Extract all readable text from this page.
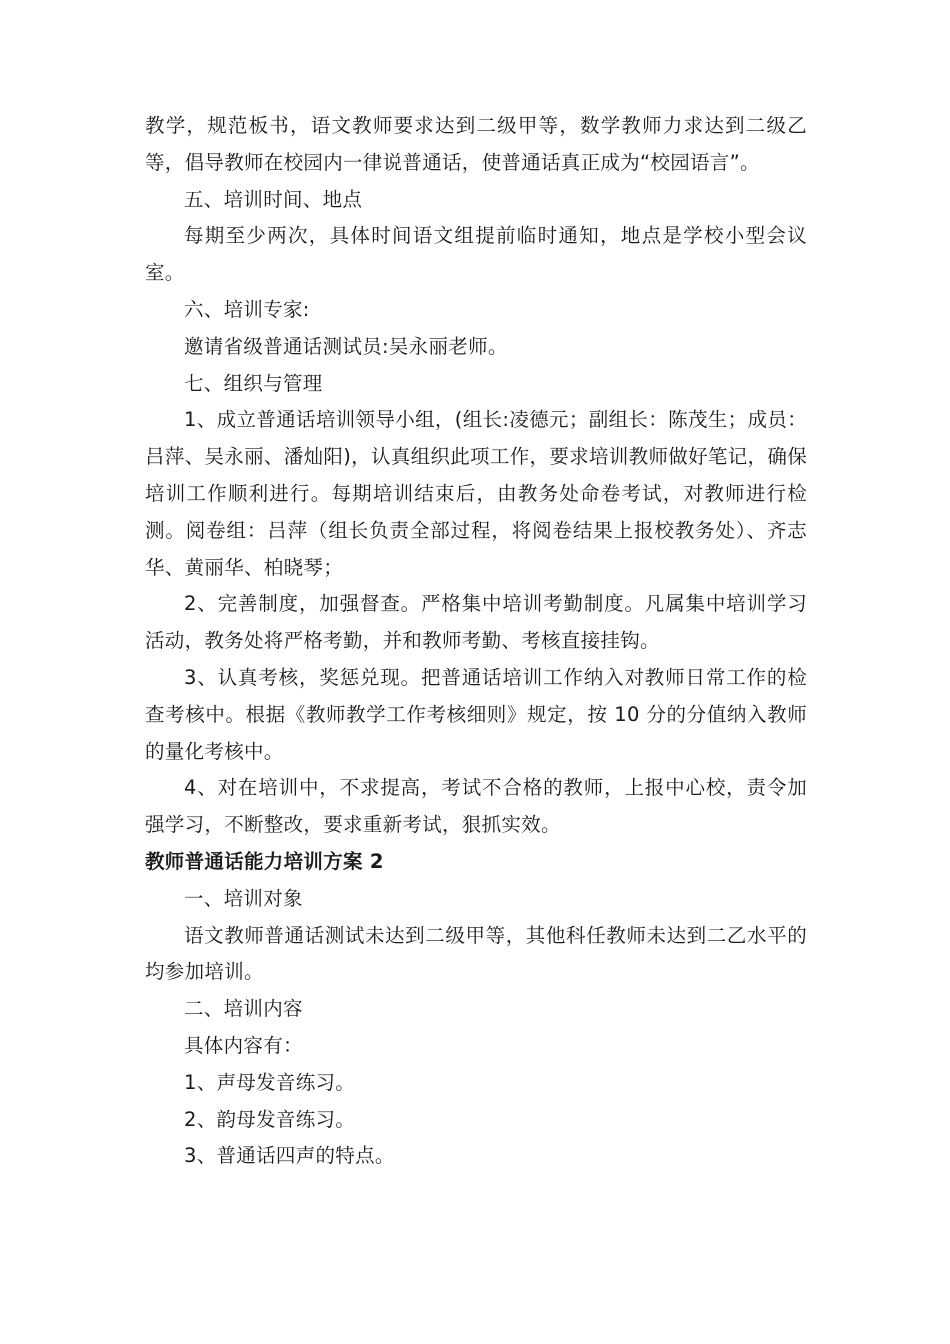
教学，规范板书，语文教师要求达到二级甲等，数学教师力求达到二级乙等，倡导教师在校园内一律说普通话，使普通话真正成为“校园语言”。

五、培训时间、地点

每期至少两次，具体时间语文组提前临时通知，地点是学校小型会议室。

六、培训专家:

邀请省级普通话测试员:吴永丽老师。

七、组织与管理

1、成立普通话培训领导小组，(组长:凌德元；副组长：陈茂生；成员：吕萍、吴永丽、潘灿阳)，认真组织此项工作，要求培训教师做好笔记，确保培训工作顺利进行。每期培训结束后，由教务处命卷考试，对教师进行检测。阅卷组：吕萍（组长负责全部过程，将阅卷结果上报校教务处）、齐志华、黄丽华、柏晓琴；

2、完善制度，加强督查。严格集中培训考勤制度。凡属集中培训学习活动，教务处将严格考勤，并和教师考勤、考核直接挂钩。

3、认真考核，奖惩兑现。把普通话培训工作纳入对教师日常工作的检查考核中。根据《教师教学工作考核细则》规定，按 10 分的分值纳入教师的量化考核中。

4、对在培训中，不求提高，考试不合格的教师，上报中心校，责令加强学习，不断整改，要求重新考试，狠抓实效。

教师普通话能力培训方案 2

一、培训对象

语文教师普通话测试未达到二级甲等，其他科任教师未达到二乙水平的均参加培训。

二、培训内容

具体内容有：

1、声母发音练习。

2、韵母发音练习。

3、普通话四声的特点。
